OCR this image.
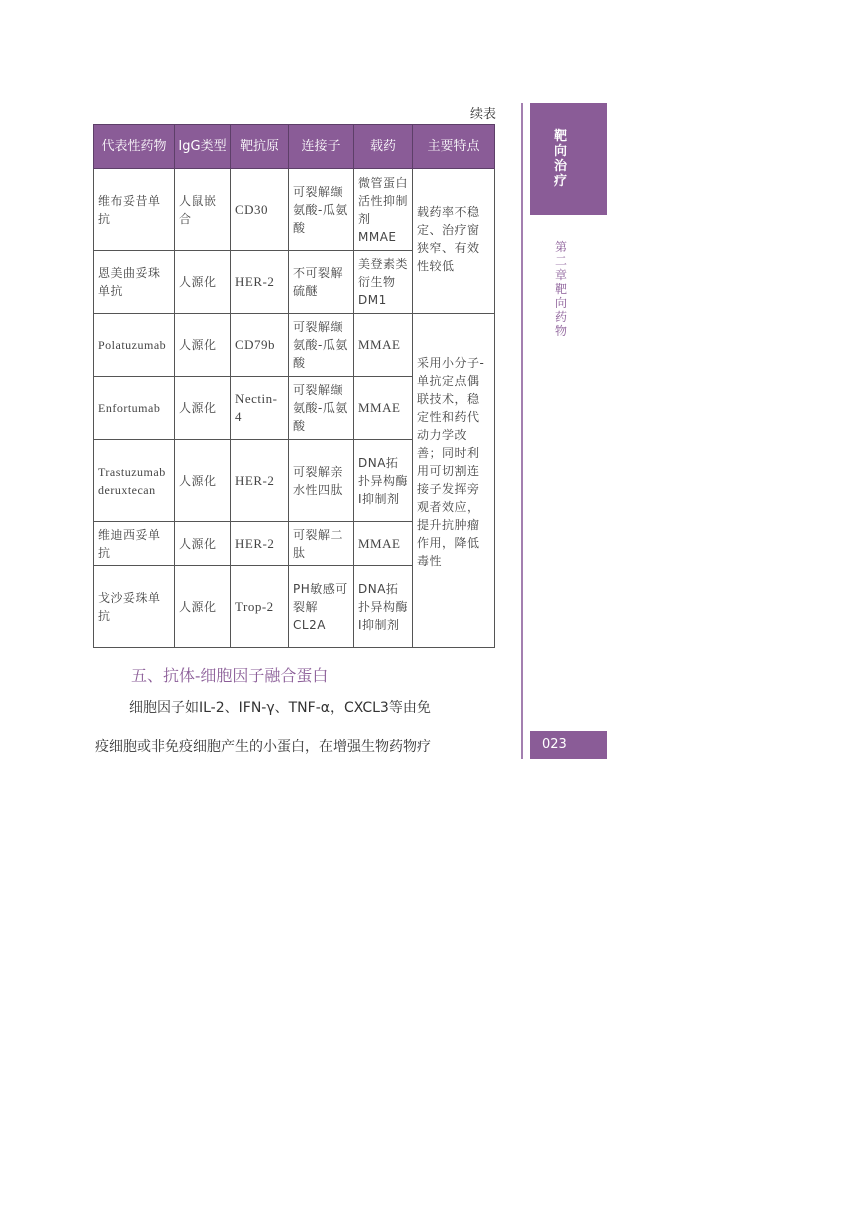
续表
代表性药物	IgG类型	靶抗原	连接子	载药	主要特点
维布妥昔单抗	人鼠嵌合	CD30	可裂解缬氨酸-瓜氨酸	微管蛋白活性抑制剂MMAE	载药率不稳定、治疗窗狭窄、有效性较低
恩美曲妥珠单抗	人源化	HER-2	不可裂解硫醚	美登素类衍生物DM1	
Polatuzumab	人源化	CD79b	可裂解缬氨酸-瓜氨酸	MMAE	采用小分子-单抗定点偶联技术，稳定性和药代动力学改善；同时利用可切割连接子发挥旁观者效应，提升抗肿瘤作用，降低毒性
Enfortumab	人源化	Nectin-4	可裂解缬氨酸-瓜氨酸	MMAE	
Trastuzumab deruxtecan	人源化	HER-2	可裂解亲水性四肽	DNA拓扑异构酶Ⅰ抑制剂	
维迪西妥单抗	人源化	HER-2	可裂解二肽	MMAE	
戈沙妥珠单抗	人源化	Trop-2	PH敏感可裂解CL2A	DNA拓扑异构酶Ⅰ抑制剂	
五、抗体-细胞因子融合蛋白
细胞因子如IL-2、IFN-γ、TNF-α，CXCL3等由免
疫细胞或非免疫细胞产生的小蛋白，在增强生物药物疗
靶向治疗
第二章 靶向药物
023
